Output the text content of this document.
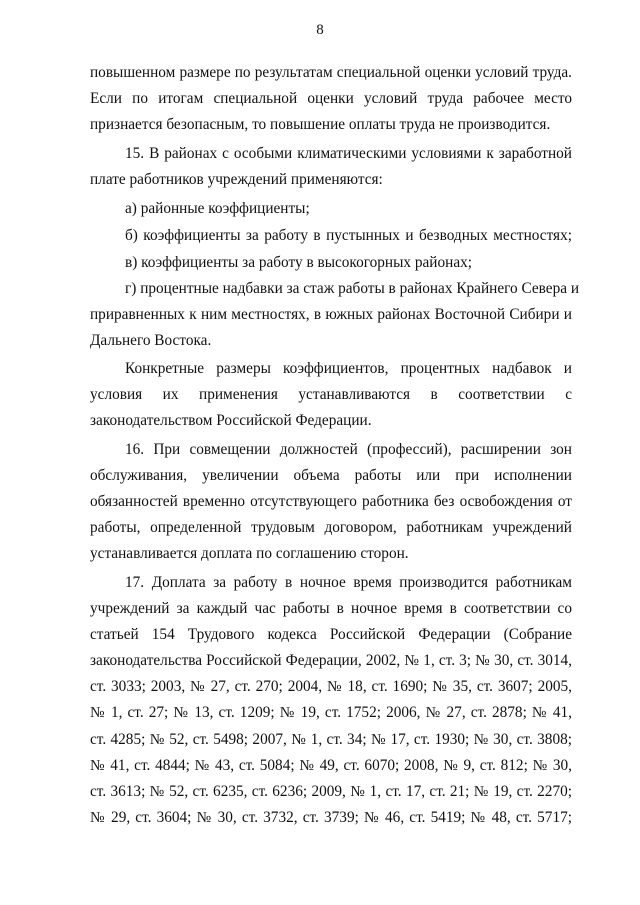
8
повышенном размере по результатам специальной оценки условий труда.
Если по итогам специальной оценки условий труда рабочее место
признается безопасным, то повышение оплаты труда не производится.
15. В районах с особыми климатическими условиями к заработной
плате работников учреждений применяются:
а) районные коэффициенты;
б) коэффициенты за работу в пустынных и безводных местностях;
в) коэффициенты за работу в высокогорных районах;
г) процентные надбавки за стаж работы в районах Крайнего Севера и
приравненных к ним местностях, в южных районах Восточной Сибири и
Дальнего Востока.
Конкретные размеры коэффициентов, процентных надбавок и
условия их применения устанавливаются в соответствии с
законодательством Российской Федерации.
16. При совмещении должностей (профессий), расширении зон
обслуживания, увеличении объема работы или при исполнении
обязанностей временно отсутствующего работника без освобождения от
работы, определенной трудовым договором, работникам учреждений
устанавливается доплата по соглашению сторон.
17. Доплата за работу в ночное время производится работникам
учреждений за каждый час работы в ночное время в соответствии со
статьей 154 Трудового кодекса Российской Федерации (Собрание
законодательства Российской Федерации, 2002, № 1, ст. 3; № 30, ст. 3014,
ст. 3033; 2003, № 27, ст. 270; 2004, № 18, ст. 1690; № 35, ст. 3607; 2005,
№ 1, ст. 27; № 13, ст. 1209; № 19, ст. 1752; 2006, № 27, ст. 2878; № 41,
ст. 4285; № 52, ст. 5498; 2007, № 1, ст. 34; № 17, ст. 1930; № 30, ст. 3808;
№ 41, ст. 4844; № 43, ст. 5084; № 49, ст. 6070; 2008, № 9, ст. 812; № 30,
ст. 3613; № 52, ст. 6235, ст. 6236; 2009, № 1, ст. 17, ст. 21; № 19, ст. 2270;
№ 29, ст. 3604; № 30, ст. 3732, ст. 3739; № 46, ст. 5419; № 48, ст. 5717;
